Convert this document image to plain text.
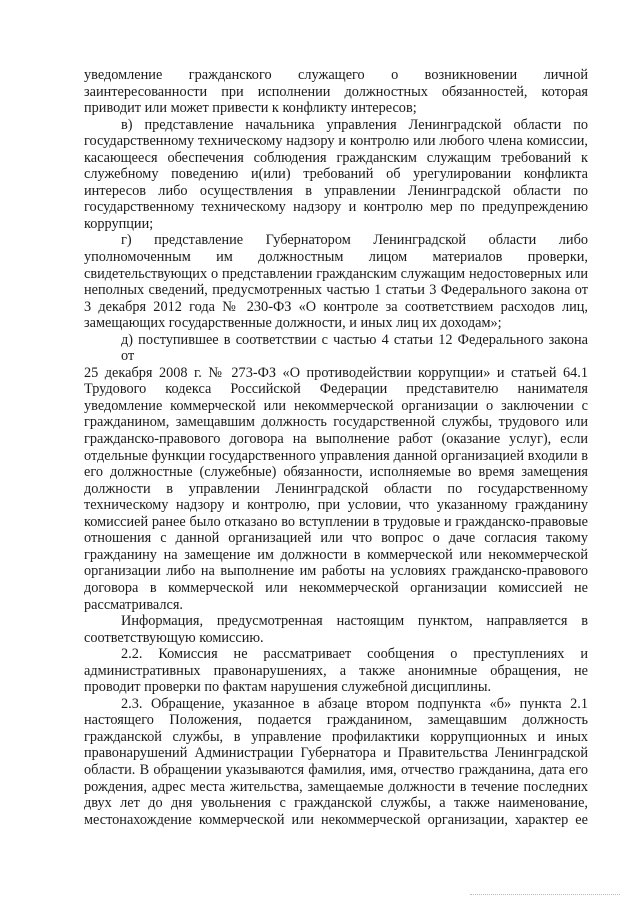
уведомление гражданского служащего о возникновении личной
заинтересованности при исполнении должностных обязанностей, которая
приводит или может привести к конфликту интересов;
в) представление начальника управления Ленинградской области по
государственному техническому надзору и контролю или любого члена комиссии,
касающееся обеспечения соблюдения гражданским служащим требований к
служебному поведению и(или) требований об урегулировании конфликта
интересов либо осуществления в управлении Ленинградской области по
государственному техническому надзору и контролю мер по предупреждению
коррупции;
г) представление Губернатором Ленинградской области либо
уполномоченным им должностным лицом материалов проверки,
свидетельствующих о представлении гражданским служащим недостоверных или
неполных сведений, предусмотренных частью 1 статьи 3 Федерального закона от
3 декабря 2012 года № 230-ФЗ «О контроле за соответствием расходов лиц,
замещающих государственные должности, и иных лиц их доходам»;
д) поступившее в соответствии с частью 4 статьи 12 Федерального закона от
25 декабря 2008 г. № 273-ФЗ «О противодействии коррупции» и статьей 64.1
Трудового кодекса Российской Федерации представителю нанимателя
уведомление коммерческой или некоммерческой организации о заключении с
гражданином, замещавшим должность государственной службы, трудового или
гражданско-правового договора на выполнение работ (оказание услуг), если
отдельные функции государственного управления данной организацией входили в
его должностные (служебные) обязанности, исполняемые во время замещения
должности в управлении Ленинградской области по государственному
техническому надзору и контролю, при условии, что указанному гражданину
комиссией ранее было отказано во вступлении в трудовые и гражданско-правовые
отношения с данной организацией или что вопрос о даче согласия такому
гражданину на замещение им должности в коммерческой или некоммерческой
организации либо на выполнение им работы на условиях гражданско-правового
договора в коммерческой или некоммерческой организации комиссией не
рассматривался.
Информация, предусмотренная настоящим пунктом, направляется в
соответствующую комиссию.
2.2. Комиссия не рассматривает сообщения о преступлениях и
административных правонарушениях, а также анонимные обращения, не
проводит проверки по фактам нарушения служебной дисциплины.
2.3. Обращение, указанное в абзаце втором подпункта «б» пункта 2.1
настоящего Положения, подается гражданином, замещавшим должность
гражданской службы, в управление профилактики коррупционных и иных
правонарушений Администрации Губернатора и Правительства Ленинградской
области. В обращении указываются фамилия, имя, отчество гражданина, дата его
рождения, адрес места жительства, замещаемые должности в течение последних
двух лет до дня увольнения с гражданской службы, а также наименование,
местонахождение коммерческой или некоммерческой организации, характер ее
